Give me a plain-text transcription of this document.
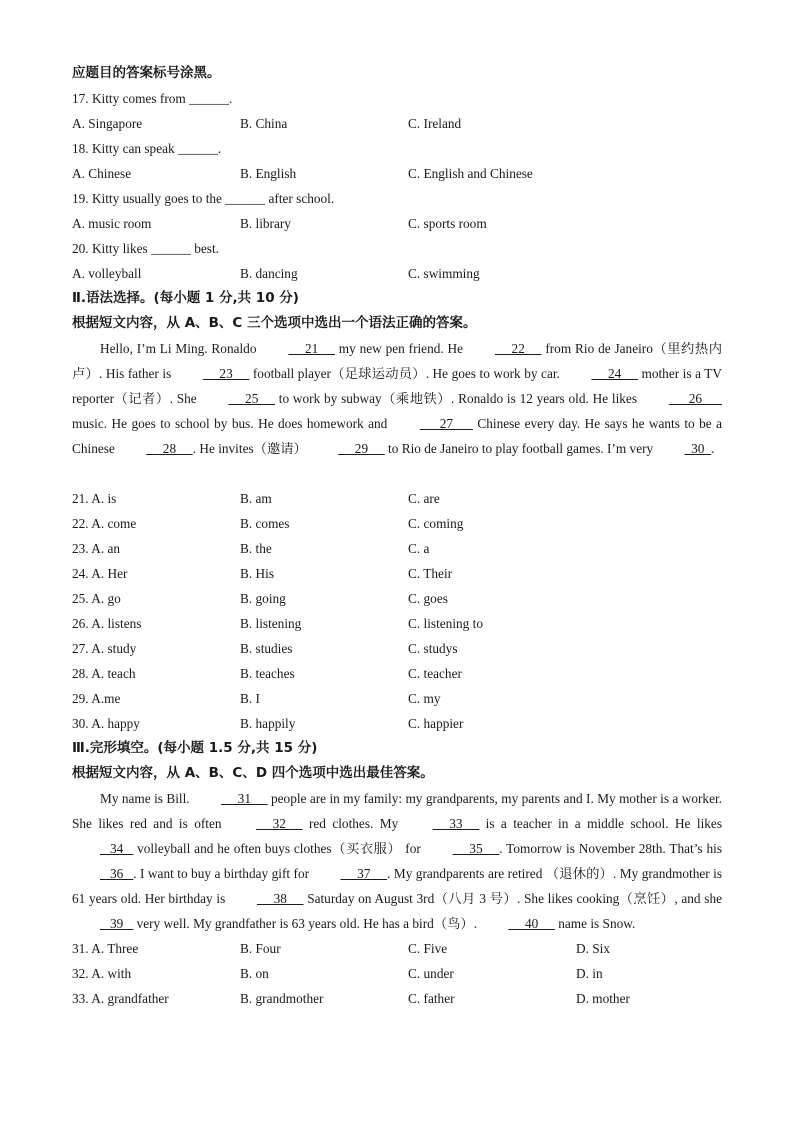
应题目的答案标号涂黑。
17. Kitty comes from ______.
A. Singapore	B. China	C. Ireland
18. Kitty can speak ______.
A. Chinese	B. English	C. English and Chinese
19. Kitty usually goes to the ______ after school.
A. music room	B. library	C. sports room
20. Kitty likes ______ best.
A. volleyball	B. dancing	C. swimming
Ⅱ.语法选择。(每小题 1 分,共 10 分)
根据短文内容，从 A、B、C 三个选项中选出一个语法正确的答案。

Hello, I’m Li Ming. Ronaldo      21      my new pen friend. He      22      from Rio de Janeiro（里约热内卢）. His father is      23      football player（足球运动员）. He goes to work by car.      24      mother is a TV reporter（记者）. She      25      to work by subway（乘地铁）. Ronaldo is 12 years old. He likes       26       music. He goes to school by bus. He does homework and       27       Chinese every day. He says he wants to be a Chinese      28     . He invites（邀请）      29      to Rio de Janeiro to play football games. I’m very   30  .

21. A. is	B. am	C. are
22. A. come	B. comes	C. coming
23. A. an	B. the	C. a
24. A. Her	B. His	C. Their
25. A. go	B. going	C. goes
26. A. listens	B. listening	C. listening to
27. A. study	B. studies	C. studys
28. A. teach	B. teaches	C. teacher
29. A.me	B. I	C. my
30. A. happy	B. happily	C. happier
Ⅲ.完形填空。(每小题 1.5 分,共 15 分)
根据短文内容，从 A、B、C、D 四个选项中选出最佳答案。

My name is Bill.      31      people are in my family: my grandparents, my parents and I. My mother is a worker. She likes red and is often      32      red clothes. My      33      is a teacher in a middle school. He likes    34    volleyball and he often buys clothes（买衣服） for      35     . Tomorrow is November 28th. That’s his    36   . I want to buy a birthday gift for      37     . My grandparents are retired （退休的）. My grandmother is 61 years old. Her birthday is      38      Saturday on August 3rd（八月 3 号）. She likes cooking（烹饪）, and she    39    very well. My grandfather is 63 years old. He has a bird（鸟）.      40      name is Snow.

31. A. Three	B. Four	C. Five	D. Six
32. A. with	B. on	C. under	D. in
33. A. grandfather	B. grandmother	C. father	D. mother
